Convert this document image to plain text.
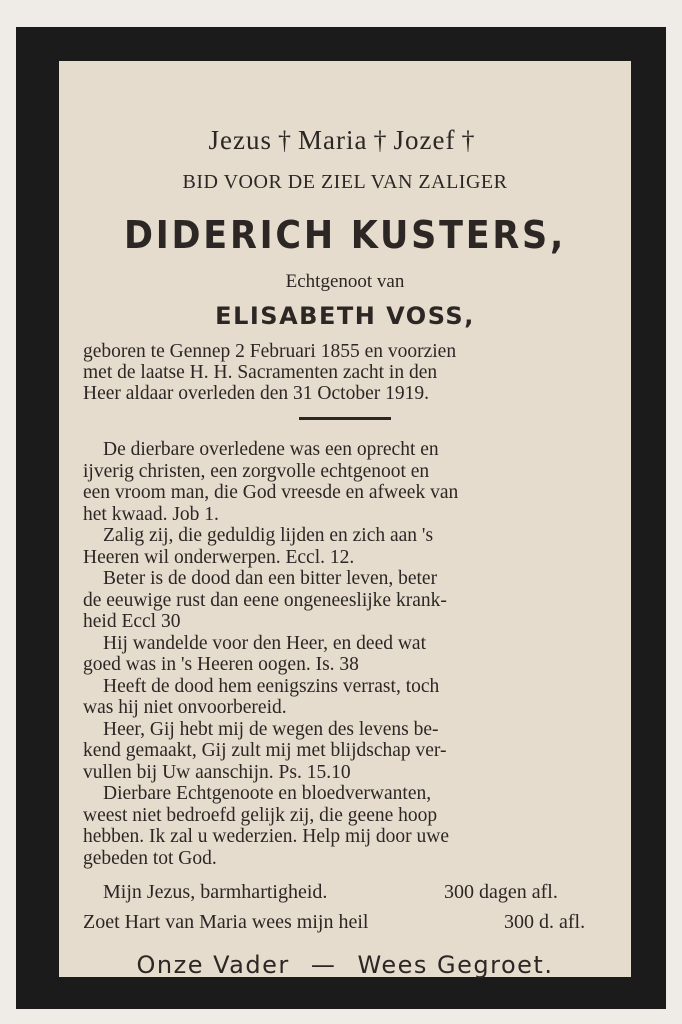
Jezus † Maria † Jozef †
BID VOOR DE ZIEL VAN ZALIGER
DIDERICH KUSTERS,
Echtgenoot van
ELISABETH VOSS,
geboren te Gennep 2 Februari 1855 en voorzien
met de laatse H. H. Sacramenten zacht in den
Heer aldaar overleden den 31 October 1919.
De dierbare overledene was een oprecht en
ijverig christen, een zorgvolle echtgenoot en
een vroom man, die God vreesde en afweek van
het kwaad. Job 1.
Zalig zij, die geduldig lijden en zich aan 's
Heeren wil onderwerpen. Eccl. 12.
Beter is de dood dan een bitter leven, beter
de eeuwige rust dan eene ongeneeslijke krank-
heid Eccl 30
Hij wandelde voor den Heer, en deed wat
goed was in 's Heeren oogen. Is. 38
Heeft de dood hem eenigszins verrast, toch
was hij niet onvoorbereid.
Heer, Gij hebt mij de wegen des levens be-
kend gemaakt, Gij zult mij met blijdschap ver-
vullen bij Uw aanschijn. Ps. 15.10
Dierbare Echtgenoote en bloedverwanten,
weest niet bedroefd gelijk zij, die geene hoop
hebben. Ik zal u wederzien. Help mij door uwe
gebeden tot God.
Mijn Jezus, barmhartigheid.	300 dagen afl.
Zoet Hart van Maria wees mijn heil	300 d. afl.
Onze Vader — Wees Gegroet.
